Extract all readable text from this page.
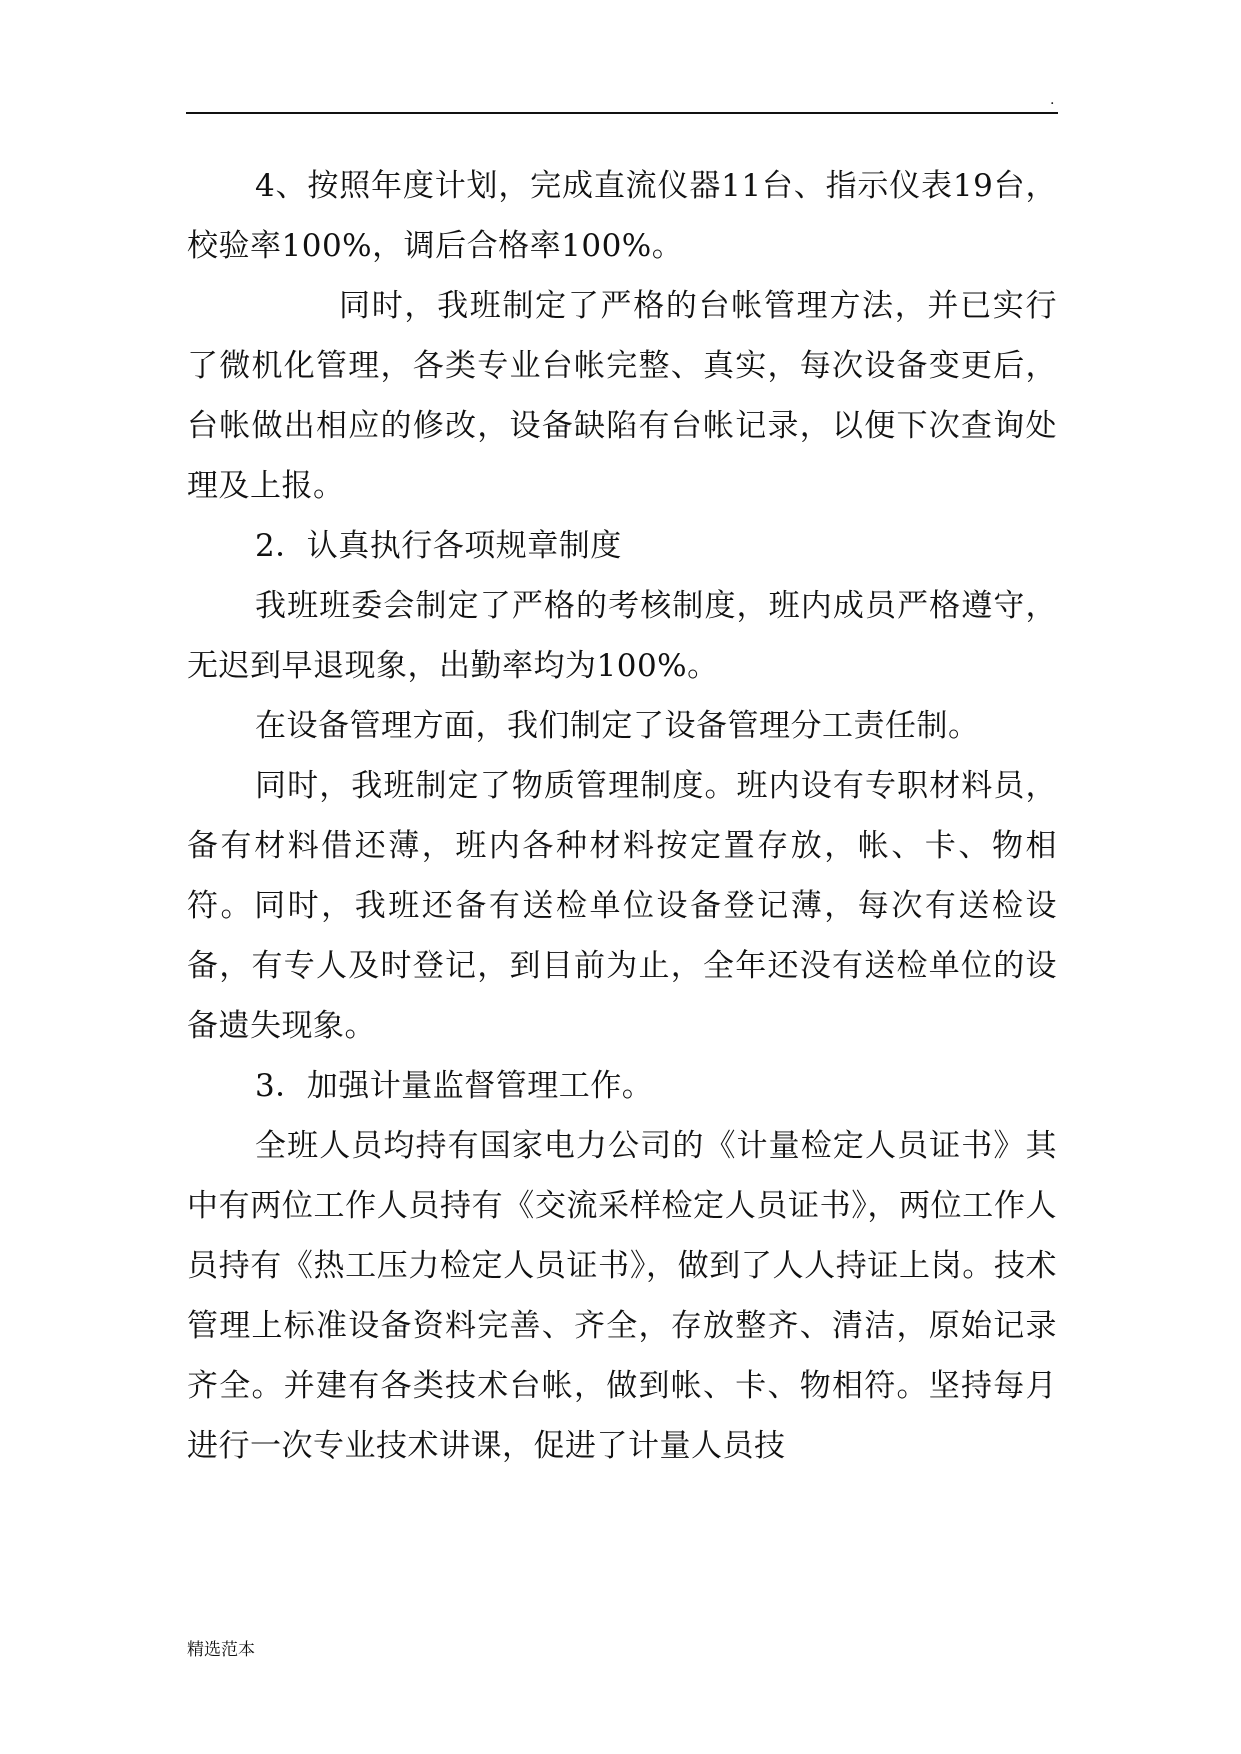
.

4、按照年度计划，完成直流仪器11台、指示仪表19台，校验率100%，调后合格率100%。

同时，我班制定了严格的台帐管理方法，并已实行了微机化管理，各类专业台帐完整、真实，每次设备变更后，台帐做出相应的修改，设备缺陷有台帐记录，以便下次查询处理及上报。

2．认真执行各项规章制度

我班班委会制定了严格的考核制度，班内成员严格遵守，无迟到早退现象，出勤率均为100%。

在设备管理方面，我们制定了设备管理分工责任制。

同时，我班制定了物质管理制度。班内设有专职材料员，备有材料借还薄，班内各种材料按定置存放，帐、卡、物相符。同时，我班还备有送检单位设备登记薄，每次有送检设备，有专人及时登记，到目前为止，全年还没有送检单位的设备遗失现象。

3．加强计量监督管理工作。

全班人员均持有国家电力公司的《计量检定人员证书》其中有两位工作人员持有《交流采样检定人员证书》，两位工作人员持有《热工压力检定人员证书》，做到了人人持证上岗。技术管理上标准设备资料完善、齐全，存放整齐、清洁，原始记录齐全。并建有各类技术台帐，做到帐、卡、物相符。坚持每月进行一次专业技术讲课，促进了计量人员技

精选范本
